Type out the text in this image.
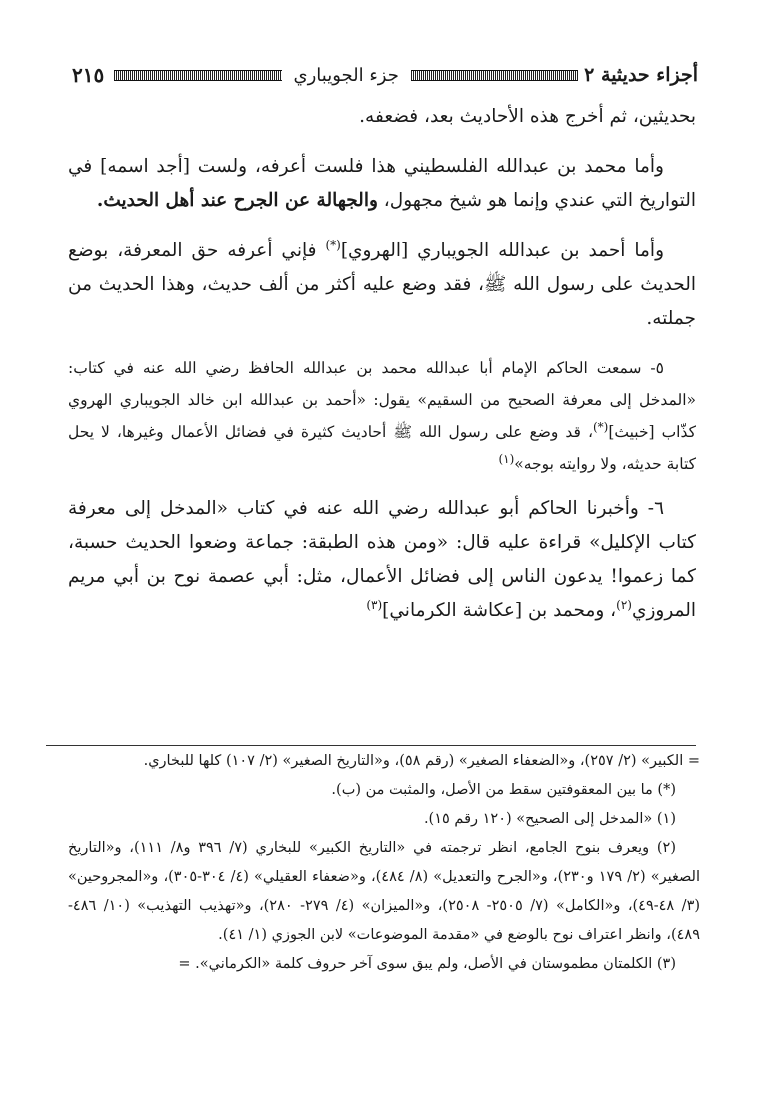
أجزاء حديثية ٢
جزء الجويباري
٢١٥

بحديثين، ثم أخرج هذه الأحاديث بعد، فضعفه.

وأما محمد بن عبدالله الفلسطيني هذا فلست أعرفه، ولست [أجد اسمه] في التواريخ التي عندي وإنما هو شيخ مجهول، والجهالة عن الجرح عند أهل الحديث.

وأما أحمد بن عبدالله الجويباري [الهروي](*) فإني أعرفه حق المعرفة، بوضع الحديث على رسول الله ﷺ، فقد وضع عليه أكثر من ألف حديث، وهذا الحديث من جملته.

٥- سمعت الحاكم الإمام أبا عبدالله محمد بن عبدالله الحافظ رضي الله عنه في كتاب: «المدخل إلى معرفة الصحيح من السقيم» يقول: «أحمد بن عبدالله ابن خالد الجويباري الهروي كذّاب [خبيث](*)، قد وضع على رسول الله ﷺ أحاديث كثيرة في فضائل الأعمال وغيرها، لا يحل كتابة حديثه، ولا روايته بوجه»$^{(١)}$

٦- وأخبرنا الحاكم أبو عبدالله رضي الله عنه في كتاب «المدخل إلى معرفة كتاب الإكليل» قراءة عليه قال: «ومن هذه الطبقة: جماعة وضعوا الحديث حسبة، كما زعموا! يدعون الناس إلى فضائل الأعمال، مثل: أبي عصمة نوح بن أبي مريم المروزي$^{(٢)}$، ومحمد بن [عكاشة الكرماني]$^{(٣)}$

= الكبير» (٢/ ٢٥٧)، و«الضعفاء الصغير» (رقم ٥٨)، و«التاريخ الصغير» (٢/ ١٠٧) كلها للبخاري.

(*) ما بين المعقوفتين سقط من الأصل، والمثبت من (ب).

(١) «المدخل إلى الصحيح» (١٢٠ رقم ١٥).

(٢) ويعرف بنوح الجامع، انظر ترجمته في «التاريخ الكبير» للبخاري (٧/ ٣٩٦ و٨/ ١١١)، و«التاريخ الصغير» (٢/ ١٧٩ و٢٣٠)، و«الجرح والتعديل» (٨/ ٤٨٤)، و«ضعفاء العقيلي» (٤/ ٣٠٤-٣٠٥)، و«المجروحين» (٣/ ٤٨-٤٩)، و«الكامل» (٧/ ٢٥٠٥- ٢٥٠٨)، و«الميزان» (٤/ ٢٧٩- ٢٨٠)، و«تهذيب التهذيب» (١٠/ ٤٨٦- ٤٨٩)، وانظر اعتراف نوح بالوضع في «مقدمة الموضوعات» لابن الجوزي (١/ ٤١).

(٣) الكلمتان مطموستان في الأصل، ولم يبق سوى آخر حروف كلمة «الكرماني». =
